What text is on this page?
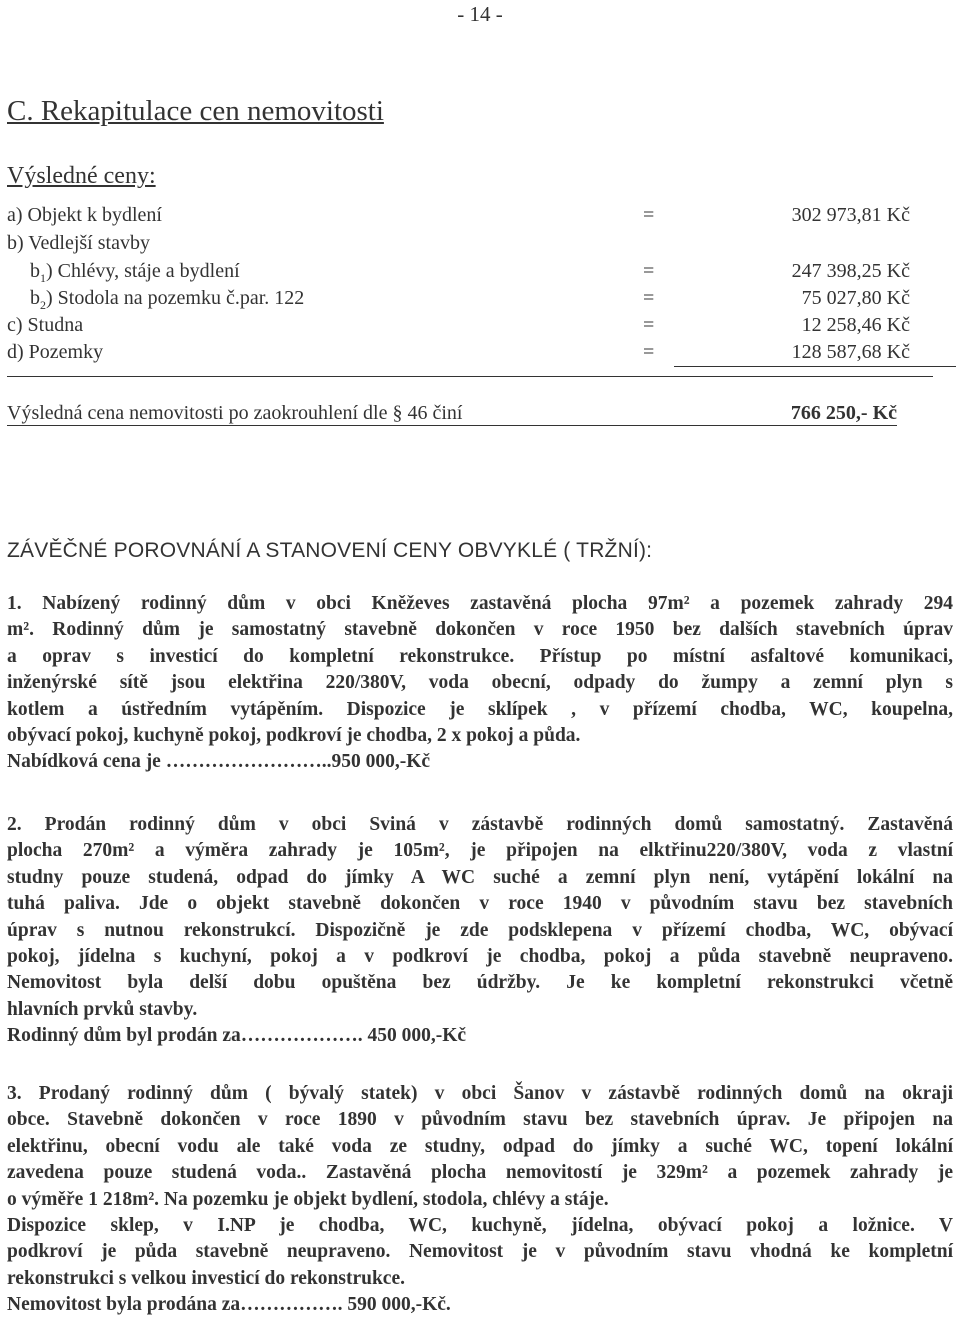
- 14 -
C. Rekapitulace cen nemovitosti
Výsledné ceny:
a) Objekt k bydlení	=	302 973,81 Kč
b) Vedlejší stavby
$b_1$) Chlévy, stáje a bydlení	=	247 398,25 Kč
$b_2$) Stodola na pozemku č.par. 122	=	75 027,80 Kč
c) Studna	=	12 258,46 Kč
d) Pozemky	=	128 587,68 Kč
Výsledná cena nemovitosti po zaokrouhlení dle § 46 činí	766 250,- Kč
ZÁVĚČNÉ POROVNÁNÍ A STANOVENÍ CENY OBVYKLÉ ( TRŽNÍ):
1. Nabízený rodinný dům v obci Kněževes zastavěná plocha 97m² a pozemek zahrady 294
m². Rodinný dům je samostatný stavebně dokončen v roce 1950 bez dalších stavebních úprav
a oprav s investicí do kompletní rekonstrukce. Přístup po místní asfaltové komunikaci,
inženýrské sítě jsou elektřina 220/380V, voda obecní, odpady do žumpy a zemní plyn s
kotlem a ústředním vytápěním. Dispozice je sklípek , v přízemí chodba, WC, koupelna,
obývací pokoj, kuchyně pokoj, podkroví je chodba, 2 x pokoj a půda.
Nabídková cena je ……………………..950 000,-Kč
2. Prodán rodinný dům v obci Sviná v zástavbě rodinných domů samostatný. Zastavěná
plocha 270m² a výměra zahrady je 105m², je připojen na elktřinu220/380V, voda z vlastní
studny pouze studená, odpad do jímky A WC suché a zemní plyn není, vytápění lokální na
tuhá paliva. Jde o objekt stavebně dokončen v roce 1940 v původním stavu bez stavebních
úprav s nutnou rekonstrukcí. Dispozičně je zde podsklepena v přízemí chodba, WC, obývací
pokoj, jídelna s kuchyní, pokoj a v podkroví je chodba, pokoj a půda stavebně neupraveno.
Nemovitost byla delší dobu opuštěna bez údržby. Je ke kompletní rekonstrukci včetně
hlavních prvků stavby.
Rodinný dům byl prodán za………………. 450 000,-Kč
3. Prodaný rodinný dům ( bývalý statek) v obci Šanov v zástavbě rodinných domů na okraji
obce. Stavebně dokončen v roce 1890 v původním stavu bez stavebních úprav. Je připojen na
elektřinu, obecní vodu ale také voda ze studny, odpad do jímky a suché WC, topení lokální
zavedena pouze studená voda.. Zastavěná plocha nemovitostí je 329m² a pozemek zahrady je
o výměře 1 218m². Na pozemku je objekt bydlení, stodola, chlévy a stáje.
Dispozice sklep, v I.NP je chodba, WC, kuchyně, jídelna, obývací pokoj a ložnice. V
podkroví je půda stavebně neupraveno. Nemovitost je v původním stavu vhodná ke kompletní
rekonstrukci s velkou investicí do rekonstrukce.
Nemovitost byla prodána za……………. 590 000,-Kč.
